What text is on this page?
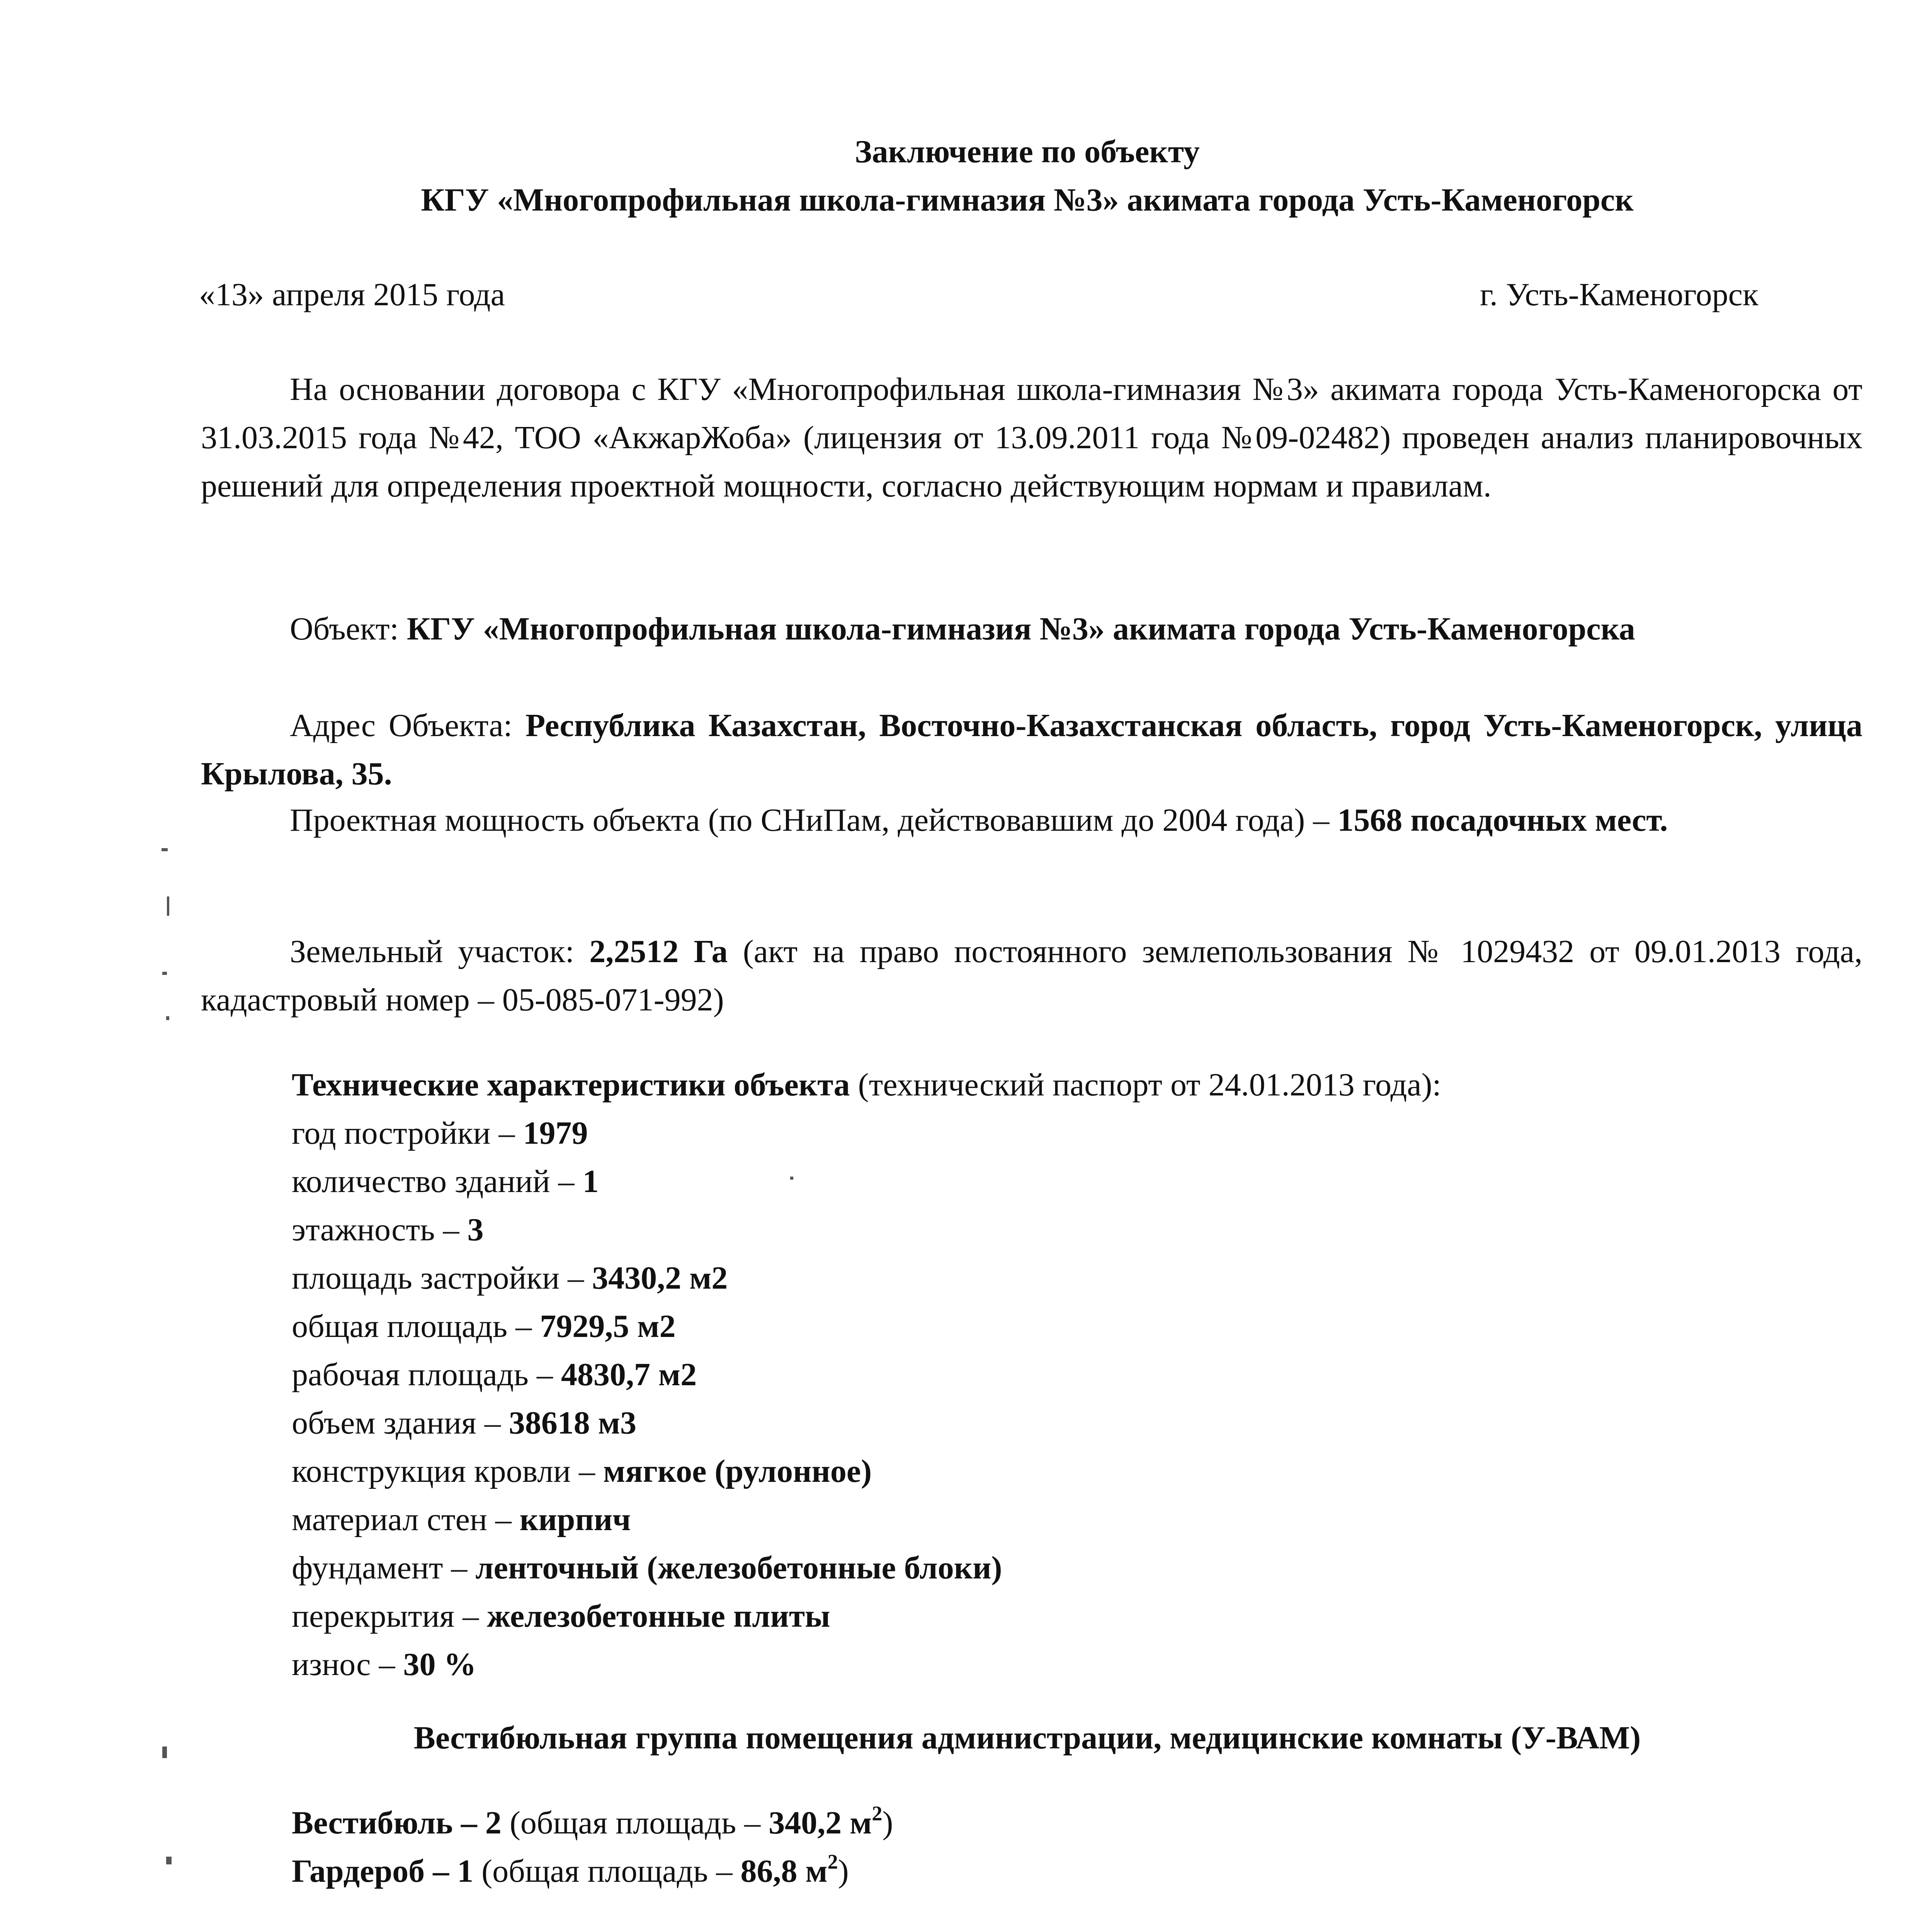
Заключение по объекту
КГУ «Многопрофильная школа-гимназия №3» акимата города Усть-Каменогорск
«13» апреля 2015 года	г. Усть-Каменогорск
На основании договора с КГУ «Многопрофильная школа-гимназия №3» акимата города Усть-Каменогорска от 31.03.2015 года №42, ТОО «АкжарЖоба» (лицензия от 13.09.2011 года №09-02482) проведен анализ планировочных решений для определения проектной мощности, согласно действующим нормам и правилам.
Объект: КГУ «Многопрофильная школа-гимназия №3» акимата города Усть-Каменогорска
Адрес Объекта: Республика Казахстан, Восточно-Казахстанская область, город Усть-Каменогорск, улица Крылова, 35.
Проектная мощность объекта (по СНиПам, действовавшим до 2004 года) – 1568 посадочных мест.
Земельный участок: 2,2512 Га (акт на право постоянного землепользования № 1029432 от 09.01.2013 года, кадастровый номер – 05-085-071-992)
Технические характеристики объекта (технический паспорт от 24.01.2013 года):
год постройки – 1979
количество зданий – 1
этажность – 3
площадь застройки – 3430,2 м2
общая площадь – 7929,5 м2
рабочая площадь – 4830,7 м2
объем здания – 38618 м3
конструкция кровли – мягкое (рулонное)
материал стен – кирпич
фундамент – ленточный (железобетонные блоки)
перекрытия – железобетонные плиты
износ – 30 %
Вестибюльная группа помещения администрации, медицинские комнаты (У-ВАМ)
Вестибюль – 2 (общая площадь – 340,2 $м^2$)
Гардероб – 1 (общая площадь – 86,8 $м^2$)
